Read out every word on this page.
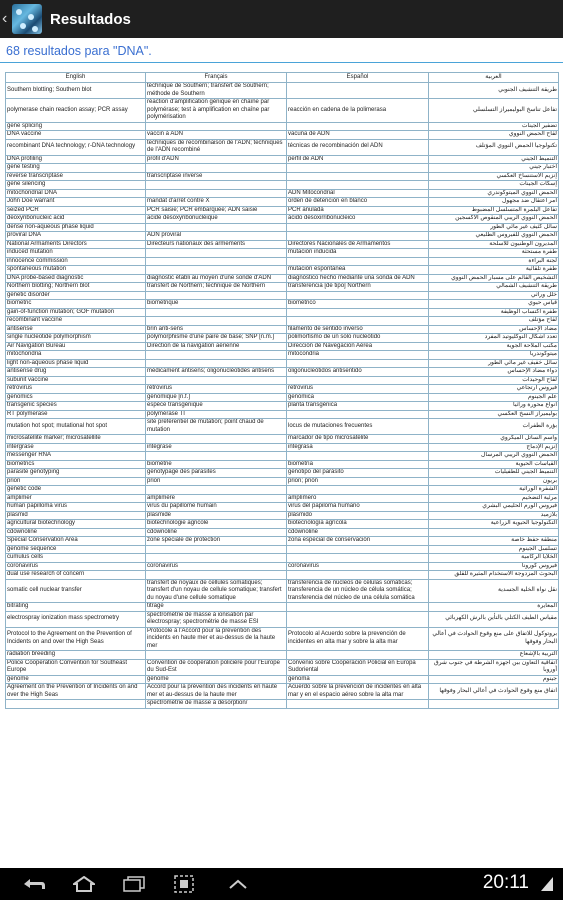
‹	Resultados
68 resultados para "DNA".
English	Français	Español	العربية
Southern blotting; Southern blot	technique de Southern; transfert de Southern; méthode de Southern		طريقة التنشيف الجنوبي
polymerase chain reaction assay; PCR assay	réaction d'amplification génique en chaîne par polymérase; test à amplification en chaîne par polymérisation	reacción en cadena de la polimerasa	تفاعل تناسخ البوليميراز التسلسلي
gene splicing			تضفير الجينات
DNA vaccine	vaccin à ADN	vacuna de ADN	لقاح الحمض النووي
recombinant DNA technology; r-DNA technology	techniques de recombinaison de l'ADN; techniques de l'ADN recombiné	técnicas de recombinación del ADN	تكنولوجيا الحمض النووي المؤتلف
DNA profiling	profil d'ADN	perfil de ADN	التنميط الجيني
gene testing			اختبار جيني
reverse transcriptase	transcriptase inverse		إنزيم الاستنساخ العكسي
gene silencing			إسكات الجينات
mitochondrial DNA		ADN Mitocondrial	الحمض النووي الميتوكوندري
John Doe warrant	mandat d'arrêt contre X	orden de detención en blanco	أمر اعتقال ضد مجهول
seized PCR	PCR saisie; PCR embarquée; ADN saisie	PCR anulada	تفاعل البلمرة المتسلسل المضبوط
deoxyribonucleic acid	acide désoxyribonucléique	ácido desoxirribonucleico	الحمض النووي الريبي المنقوص الأكسجين
dense non-aqueous phase liquid			سائل كثيف غير مائي الطور
proviral DNA	ADN proviral		الحمض النووي للفيروس الطليعي
National Armaments Directors	Directeurs nationaux des armements	Directores Nacionales de Armamentos	المديرون الوطنيون للأسلحة
induced mutation		mutación inducida	طفرة مستحثة
innocence commission			لجنة البراءة
spontaneous mutation		mutación espontánea	طفرة تلقائية
DNA probe-based diagnostic	diagnostic établi au moyen d'une sonde d'ADN	diagnóstico hecho mediante una sonda de ADN	التشخيص القائم على مسبار الحمض النووي
Northern blotting; Northern blot	transfert de Northern; technique de Northern	transferencia [de tipo] Northern	طريقة التنشيف الشمالي
genetic disorder			خلل وراثي
biometric	biométrique	biométrico	قياس حيوي
gain-of-function mutation; GOF mutation			طفرة اكتساب الوظيفة
recombinant vaccine			لقاح مؤتلف
antisense	brin anti-sens	filamento de sentido inverso	مضاد الإحساس
single nucleotide polymorphism	polymorphisme d'une paire de base; SNP [n.m.]	polimorfismo de un solo nucleótido	تعدد أشكال النوكليوتيد المفرد
Air Navigation Bureau	Direction de la navigation aérienne	Dirección de Navegación Aérea	مكتب الملاحة الجوية
mitochondria		mitocondria	ميتوكوندريا
light non-aqueous phase liquid			سائل خفيف غير مائي الطور
antisense drug	médicament antisens; oligonucléotides antisens	oligonucleótidos antisentido	دواء مضاد الإحساس
subunit vaccine			لقاح الوحيدات
retrovirus	rétrovirus	retrovirus	فيروس ارتجاعي
genomics	génomique [n.f.]	genómica	علم الجينوم
transgenic species	espèce transgénique	planta transgénica	أنواع محورة وراثيا
RT polymerase	polymérase TI		بوليميراز النسخ العكسي
mutation hot spot; mutational hot spot	site préférentiel de mutation; point chaud de mutation	locus de mutaciones frecuentes	بؤرة الطفرات
microsatellite marker; microsatellite		marcador de tipo microsatélite	واسم الساتل الميكروي
intergrase	intégrase	integrasa	إنزيم الإدماج
messenger RNA			الحمض النووي الريبي المرسال
biometrics	biométrie	biometría	القياسات الحيوية
parasite genotyping	génotypage des parasites	genotipo del parásito	التنميط الجيني للطفيليات
prion	prion	prion; prión	بريون
genetic code			الشفرة الوراثية
amplimer	amplimère	amplímero	مرئية التضخيم
human papilloma virus	virus du papillome humain	virus del papiloma humano	فيروس الورم الحليمي البشري
plasmid	plasmide	plásmido	بلازميد
agricultural biotechnology	biotechnologie agricole	biotecnología agrícola	التكنولوجيا الحيوية الزراعية
cdownoline	cdownoline	cdownoline	
Special Conservation Area	zone spéciale de protection	zona especial de conservación	منطقة حفظ خاصة
genome sequence			تسلسل الجينوم
cumulus cells			الخلايا الركامية
coronavirus	coronavirus	coronavirus	فيروس كورونا
dual use research of concern			البحوث المزدوجة الاستخدام المثيرة للقلق
somatic cell nuclear transfer	transfert de noyaux de cellules somatiques; transfert d'un noyau de cellule somatique; transfert du noyau d'une cellule somatique	transferencia de núcleos de células somáticas; transferencia de un núcleo de célula somática; transferencia del núcleo de una célula somática	نقل نواة الخلية الجسدية
bitrating	titrage		المعايرة
electrospray ionization mass spectrometry	spectrométrie de masse à ionisation par électrospray; spectrométrie de masse ESI		مقياس الطيف الكتلي بالتأين بالرش الكهربائي
Protocol to the Agreement on the Prevention of Incidents on and over the High Seas	Protocole à l'Accord pour la prévention des incidents en haute mer et au-dessus de la haute mer	Protocolo al Acuerdo sobre la prevención de incidentes en alta mar y sobre la alta mar	بروتوكول للاتفاق على منع وقوع الحوادث في أعالي البحار وفوقها
radiation breeding			التربية بالإشعاع
Police Cooperation Convention for Southeast Europe	Convention de coopération policière pour l'Europe du Sud-Est	Convenio sobre Cooperación Policial en Europa Sudoriental	اتفاقية التعاون بين أجهزة الشرطة في جنوب شرق أوروبا
genome	génome	genoma	جينوم
Agreement on the Prevention of Incidents on and over the High Seas	Accord pour la prévention des incidents en haute mer et au-dessus de la haute mer	Acuerdo sobre la prevención de incidentes en alta mar y en el espacio aéreo sobre la alta mar	اتفاق منع وقوع الحوادث في أعالي البحار وفوقها
	spectrométrie de masse à désorption/		
20:11
